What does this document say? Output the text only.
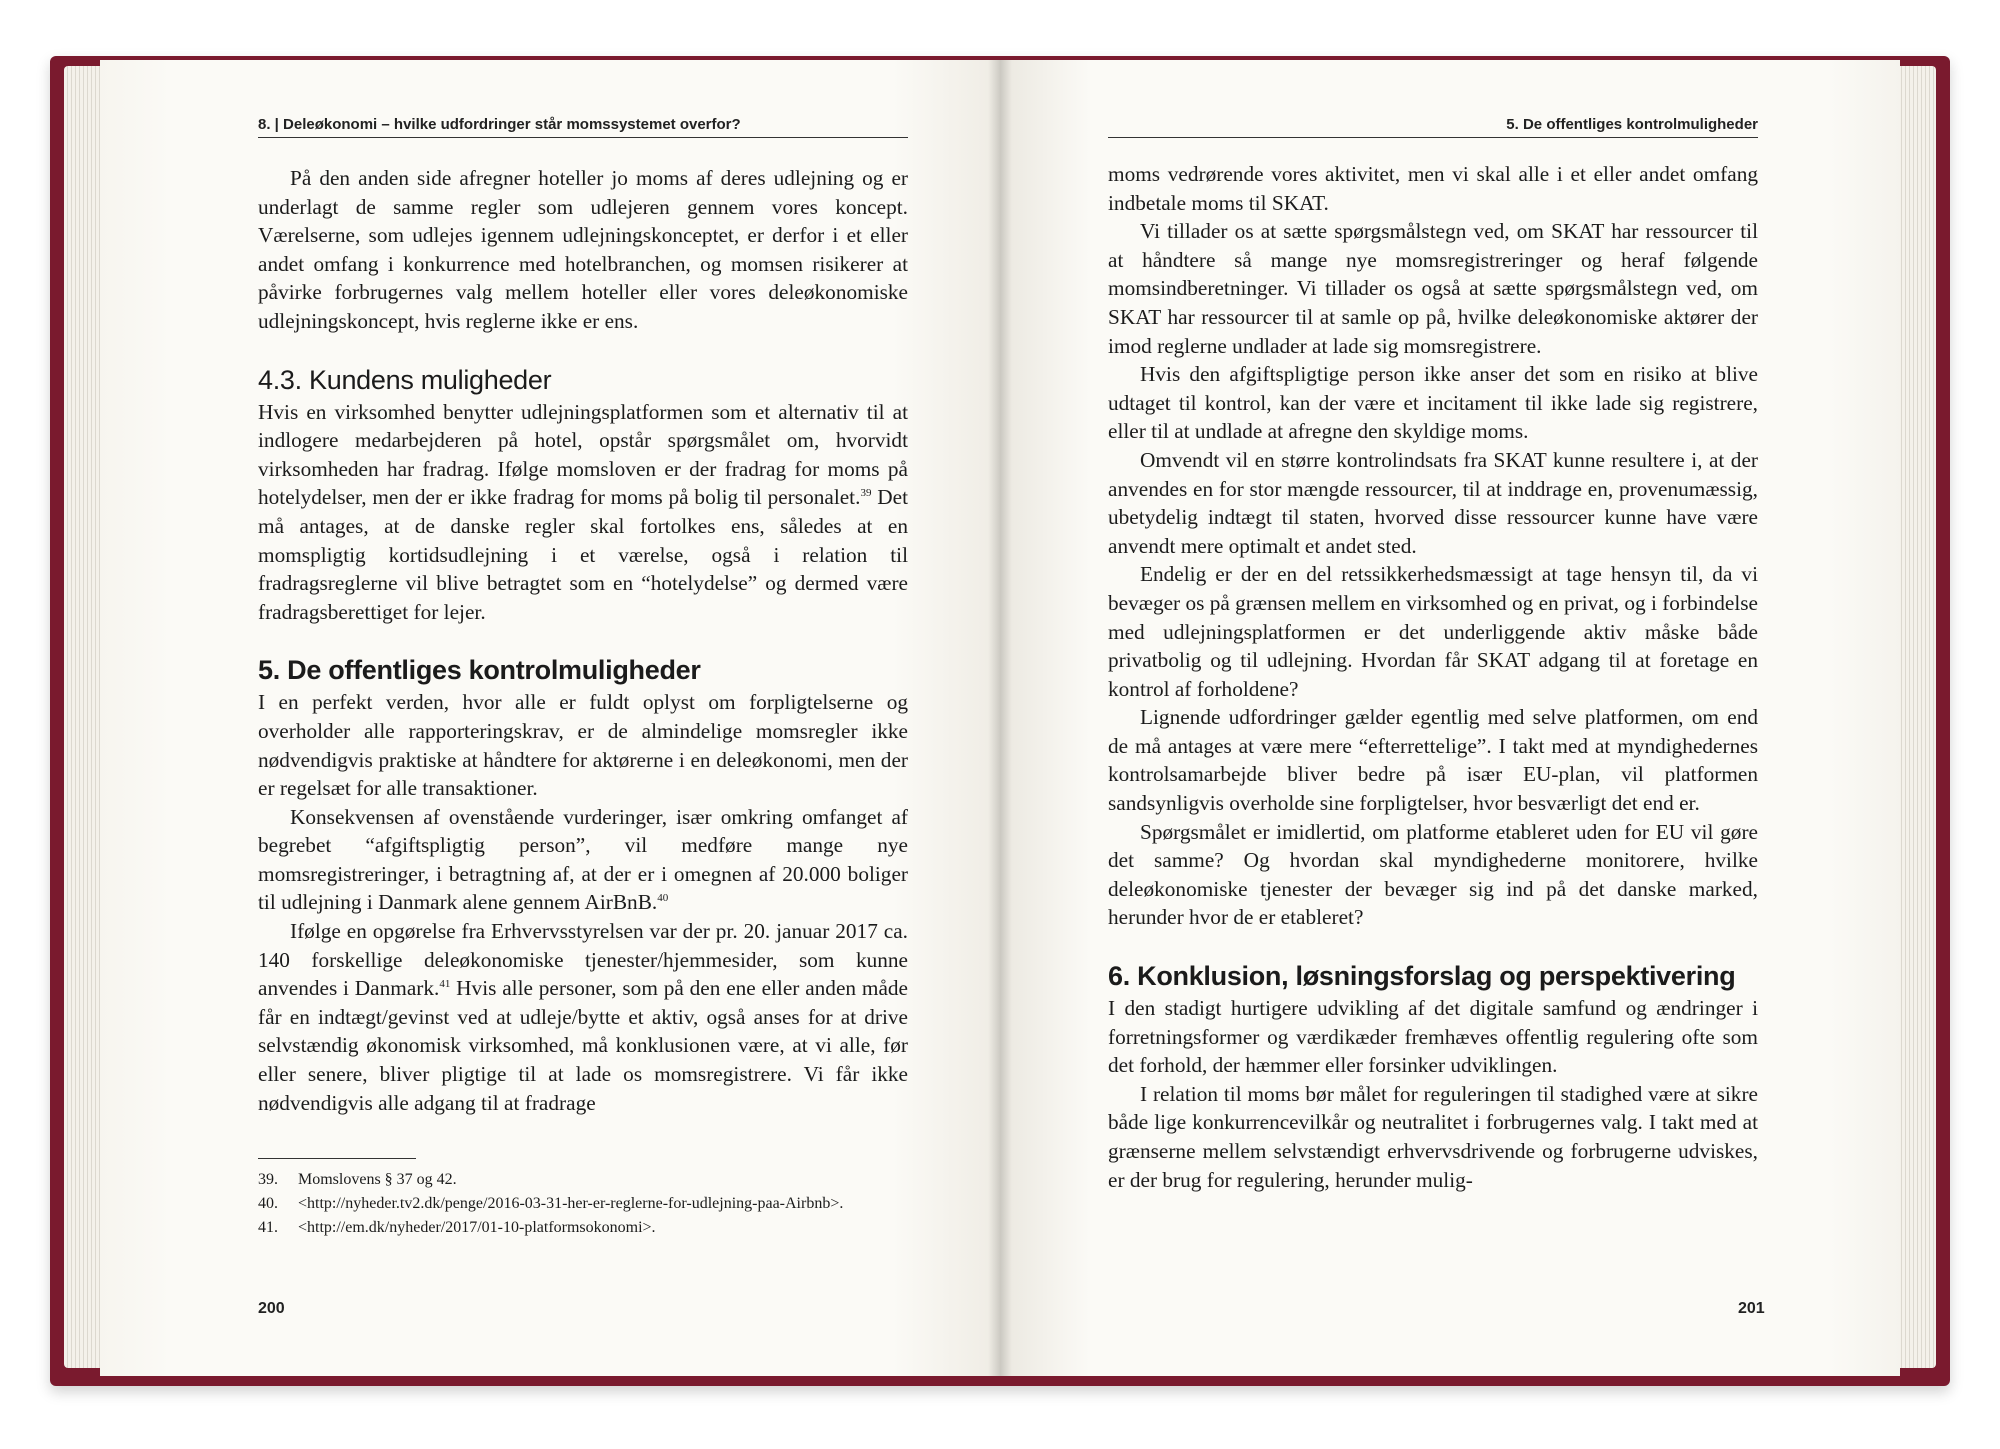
8. | Deleøkonomi – hvilke udfordringer står momssystemet overfor?

På den anden side afregner hoteller jo moms af deres udlejning og er underlagt de samme regler som udlejeren gennem vores koncept. Værelserne, som udlejes igennem udlejningskonceptet, er derfor i et eller andet omfang i konkurrence med hotelbranchen, og momsen risikerer at påvirke forbrugernes valg mellem hoteller eller vores deleøkonomiske udlejningskoncept, hvis reglerne ikke er ens.

4.3. Kundens muligheder

Hvis en virksomhed benytter udlejningsplatformen som et alternativ til at indlogere medarbejderen på hotel, opstår spørgsmålet om, hvorvidt virksomheden har fradrag. Ifølge momsloven er der fradrag for moms på hotelydelser, men der er ikke fradrag for moms på bolig til personalet.$^{39}$ Det må antages, at de danske regler skal fortolkes ens, således at en momspligtig kortidsudlejning i et værelse, også i relation til fradragsreglerne vil blive betragtet som en “hotelydelse” og dermed være fradragsberettiget for lejer.

5. De offentliges kontrolmuligheder

I en perfekt verden, hvor alle er fuldt oplyst om forpligtelserne og overholder alle rapporteringskrav, er de almindelige momsregler ikke nødvendigvis praktiske at håndtere for aktørerne i en deleøkonomi, men der er regelsæt for alle transaktioner.

Konsekvensen af ovenstående vurderinger, især omkring omfanget af begrebet “afgiftspligtig person”, vil medføre mange nye momsregistreringer, i betragtning af, at der er i omegnen af 20.000 boliger til udlejning i Danmark alene gennem AirBnB.$^{40}$

Ifølge en opgørelse fra Erhvervsstyrelsen var der pr. 20. januar 2017 ca. 140 forskellige deleøkonomiske tjenester/hjemmesider, som kunne anvendes i Danmark.$^{41}$ Hvis alle personer, som på den ene eller anden måde får en indtægt/gevinst ved at udleje/bytte et aktiv, også anses for at drive selvstændig økonomisk virksomhed, må konklusionen være, at vi alle, før eller senere, bliver pligtige til at lade os momsregistrere. Vi får ikke nødvendigvis alle adgang til at fradrage

39.	Momslovens § 37 og 42.
40.	<http://nyheder.tv2.dk/penge/2016-03-31-her-er-reglerne-for-udlejning-paa-Airbnb>.
41.	<http://em.dk/nyheder/2017/01-10-platformsokonomi>.
200
5. De offentliges kontrolmuligheder

moms vedrørende vores aktivitet, men vi skal alle i et eller andet omfang indbetale moms til SKAT.

Vi tillader os at sætte spørgsmålstegn ved, om SKAT har ressourcer til at håndtere så mange nye momsregistreringer og heraf følgende momsindberetninger. Vi tillader os også at sætte spørgsmålstegn ved, om SKAT har ressourcer til at samle op på, hvilke deleøkonomiske aktører der imod reglerne undlader at lade sig momsregistrere.

Hvis den afgiftspligtige person ikke anser det som en risiko at blive udtaget til kontrol, kan der være et incitament til ikke lade sig registrere, eller til at undlade at afregne den skyldige moms.

Omvendt vil en større kontrolindsats fra SKAT kunne resultere i, at der anvendes en for stor mængde ressourcer, til at inddrage en, provenumæssig, ubetydelig indtægt til staten, hvorved disse ressourcer kunne have være anvendt mere optimalt et andet sted.

Endelig er der en del retssikkerhedsmæssigt at tage hensyn til, da vi bevæger os på grænsen mellem en virksomhed og en privat, og i forbindelse med udlejningsplatformen er det underliggende aktiv måske både privatbolig og til udlejning. Hvordan får SKAT adgang til at foretage en kontrol af forholdene?

Lignende udfordringer gælder egentlig med selve platformen, om end de må antages at være mere “efterrettelige”. I takt med at myndighedernes kontrolsamarbejde bliver bedre på især EU-plan, vil platformen sandsynligvis overholde sine forpligtelser, hvor besværligt det end er.

Spørgsmålet er imidlertid, om platforme etableret uden for EU vil gøre det samme? Og hvordan skal myndighederne monitorere, hvilke deleøkonomiske tjenester der bevæger sig ind på det danske marked, herunder hvor de er etableret?

6. Konklusion, løsningsforslag og perspektivering

I den stadigt hurtigere udvikling af det digitale samfund og ændringer i forretningsformer og værdikæder fremhæves offentlig regulering ofte som det forhold, der hæmmer eller forsinker udviklingen.

I relation til moms bør målet for reguleringen til stadighed være at sikre både lige konkurrencevilkår og neutralitet i forbrugernes valg. I takt med at grænserne mellem selvstændigt erhvervsdrivende og forbrugerne udviskes, er der brug for regulering, herunder mulig-

201
